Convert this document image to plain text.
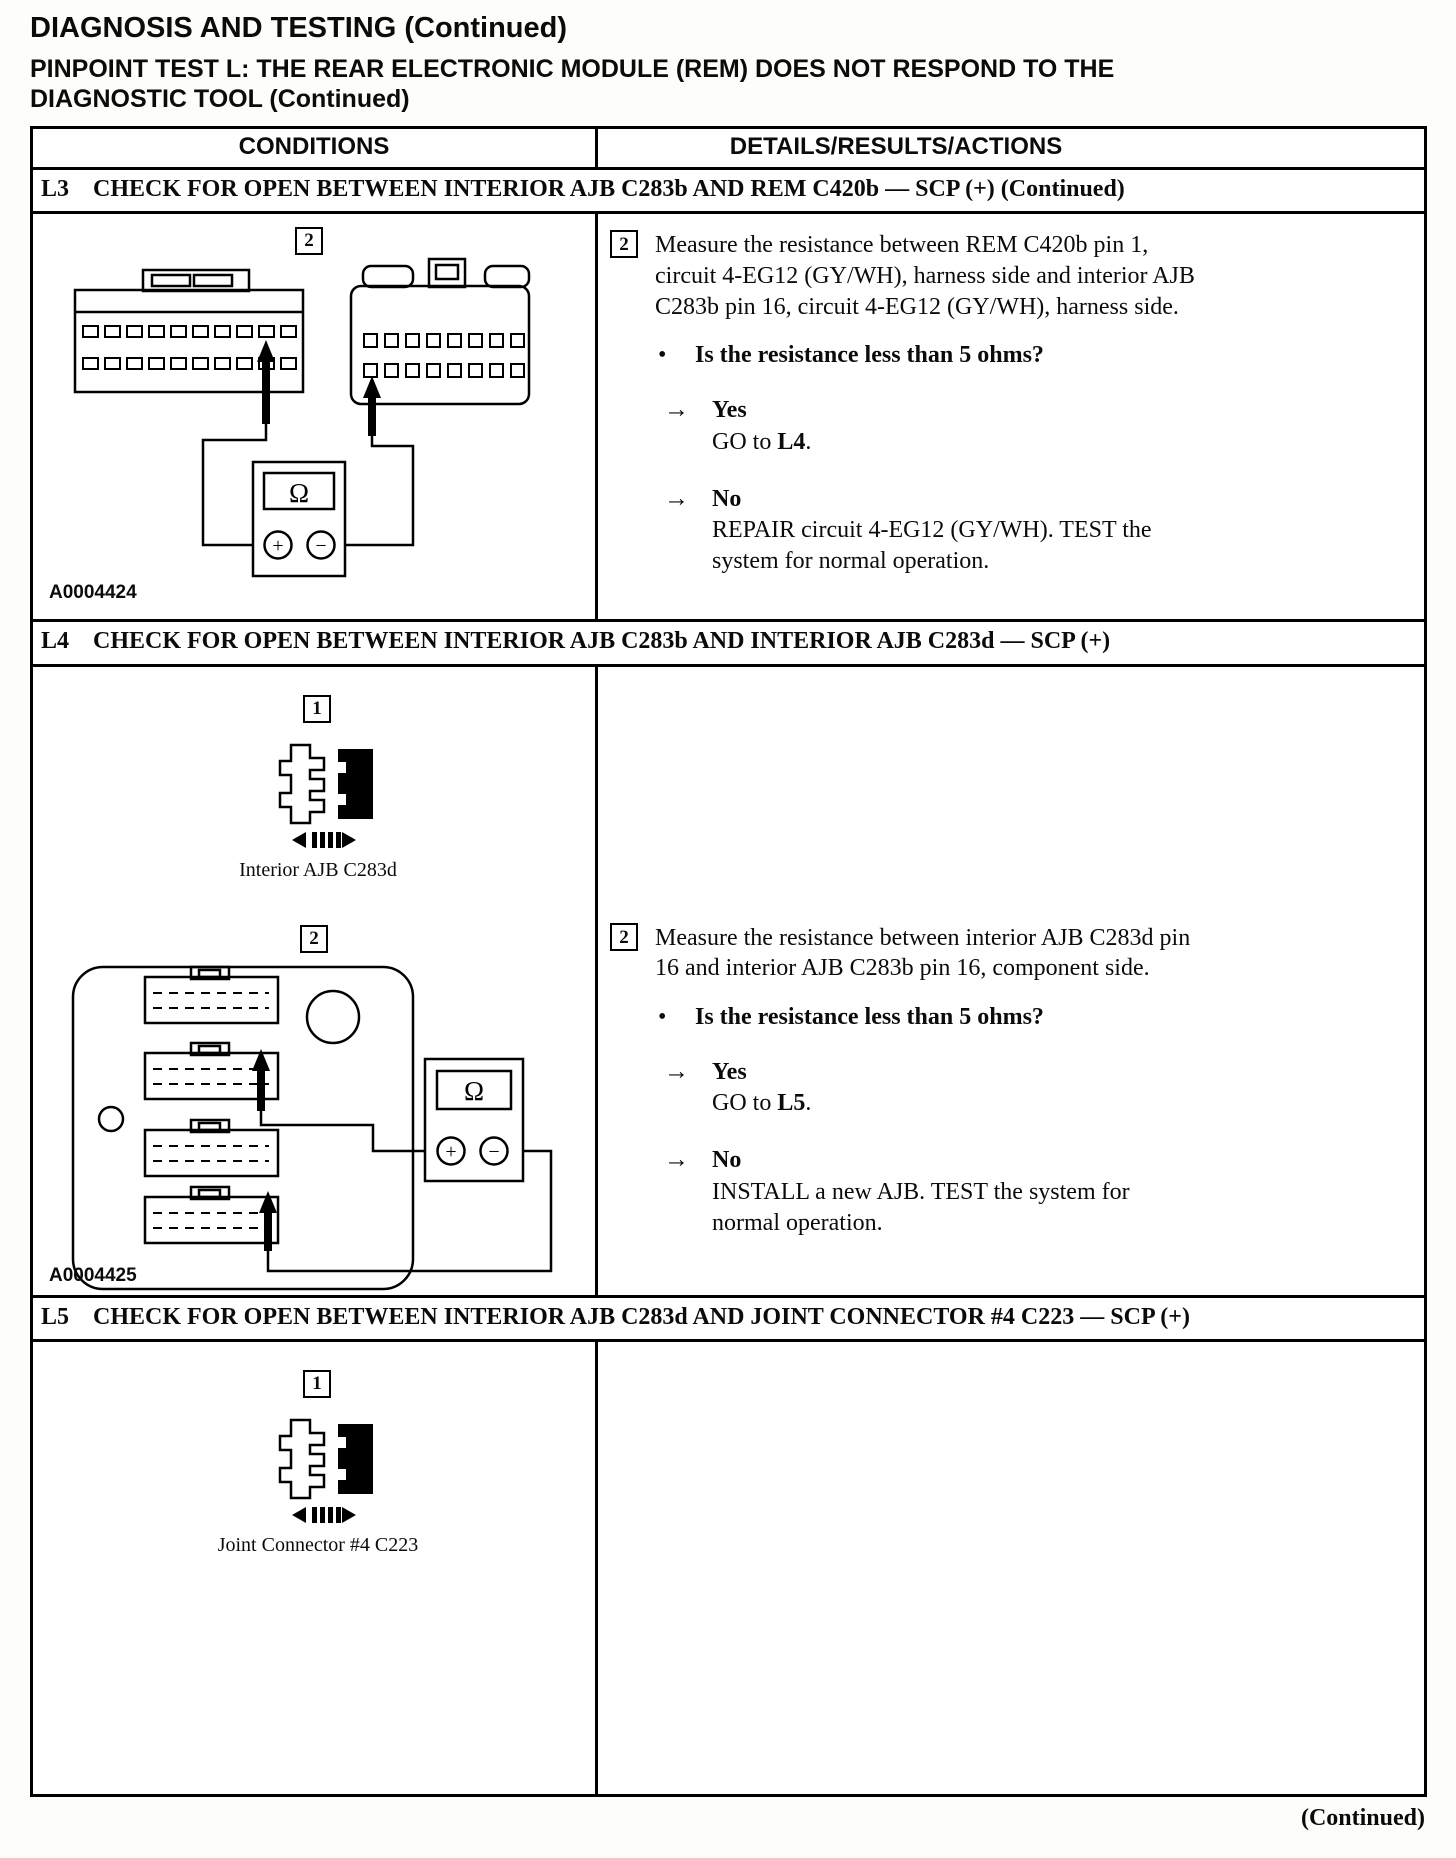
DIAGNOSIS AND TESTING (Continued)
PINPOINT TEST L: THE REAR ELECTRONIC MODULE (REM) DOES NOT RESPOND TO THE DIAGNOSTIC TOOL (Continued)
CONDITIONS	DETAILS/RESULTS/ACTIONS
L3 CHECK FOR OPEN BETWEEN INTERIOR AJB C283b AND REM C420b — SCP (+) (Continued)
Ω
+ −
2
A0004424
2	Measure the resistance between REM C420b pin 1, circuit 4-EG12 (GY/WH), harness side and interior AJB C283b pin 16, circuit 4-EG12 (GY/WH), harness side.
•	Is the resistance less than 5 ohms?
→ Yes
GO to L4.
→ No
REPAIR circuit 4-EG12 (GY/WH). TEST the system for normal operation.
L4 CHECK FOR OPEN BETWEEN INTERIOR AJB C283b AND INTERIOR AJB C283d — SCP (+)
Ω
+ −
1
Interior AJB C283d
2
A0004425
2	Measure the resistance between interior AJB C283d pin 16 and interior AJB C283b pin 16, component side.
•	Is the resistance less than 5 ohms?
→ Yes
GO to L5.
→ No
INSTALL a new AJB. TEST the system for normal operation.
L5 CHECK FOR OPEN BETWEEN INTERIOR AJB C283d AND JOINT CONNECTOR #4 C223 — SCP (+)
1
Joint Connector #4 C223
(Continued)
